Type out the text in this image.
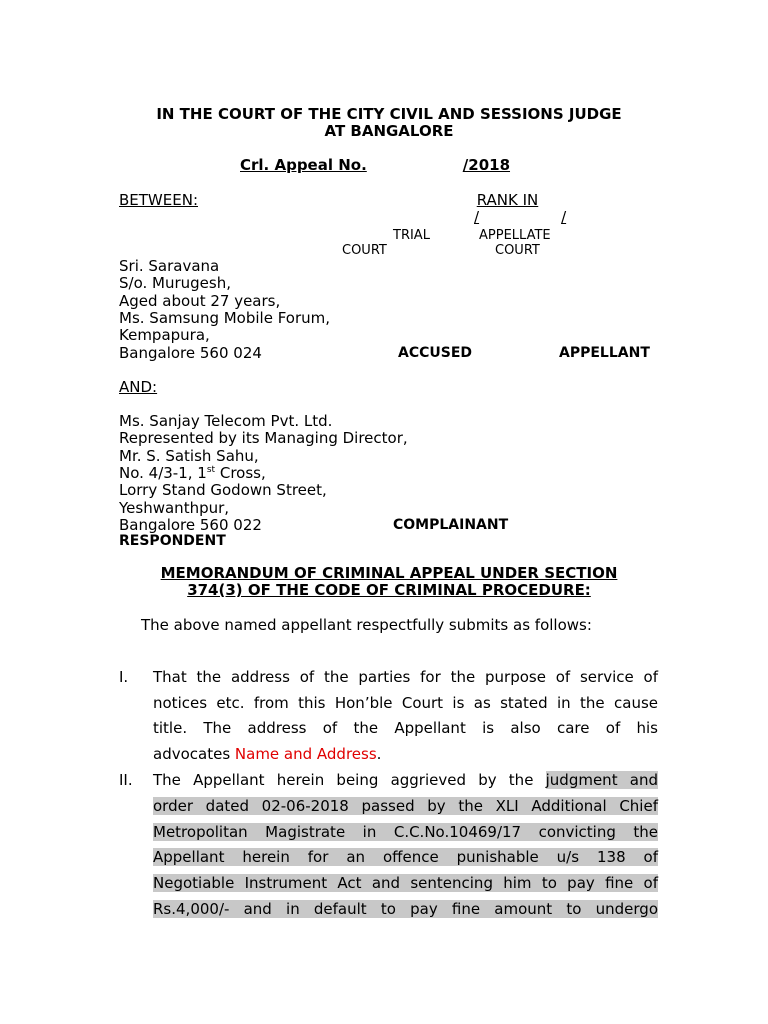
IN THE COURT OF THE CITY CIVIL AND SESSIONS JUDGE
AT BANGALORE
Crl. Appeal No.	/2018
BETWEEN:	RANK IN
/	/
TRIAL
COURT
APPELLATE
COURT
Sri. Saravana
S/o. Murugesh,
Aged about 27 years,
Ms. Samsung Mobile Forum,
Kempapura,
Bangalore 560 024	ACCUSED	APPELLANT
AND:
Ms. Sanjay Telecom Pvt. Ltd.
Represented by its Managing Director,
Mr. S. Satish Sahu,
No. 4/3-1, 1st Cross,
Lorry Stand Godown Street,
Yeshwanthpur,
Bangalore 560 022	COMPLAINANT
RESPONDENT
MEMORANDUM OF CRIMINAL APPEAL UNDER SECTION
374(3) OF THE CODE OF CRIMINAL PROCEDURE:
The above named appellant respectfully submits as follows:
I. That the address of the parties for the purpose of service of
notices etc. from this Hon’ble Court is as stated in the cause
title. The address of the Appellant is also care of his
advocates Name and Address.
II. The Appellant herein being aggrieved by the judgment and
order dated 02-06-2018 passed by the XLI Additional Chief
Metropolitan Magistrate in C.C.No.10469/17 convicting the
Appellant herein for an offence punishable u/s 138 of
Negotiable Instrument Act and sentencing him to pay fine of
Rs.4,000/- and in default to pay fine amount to undergo
